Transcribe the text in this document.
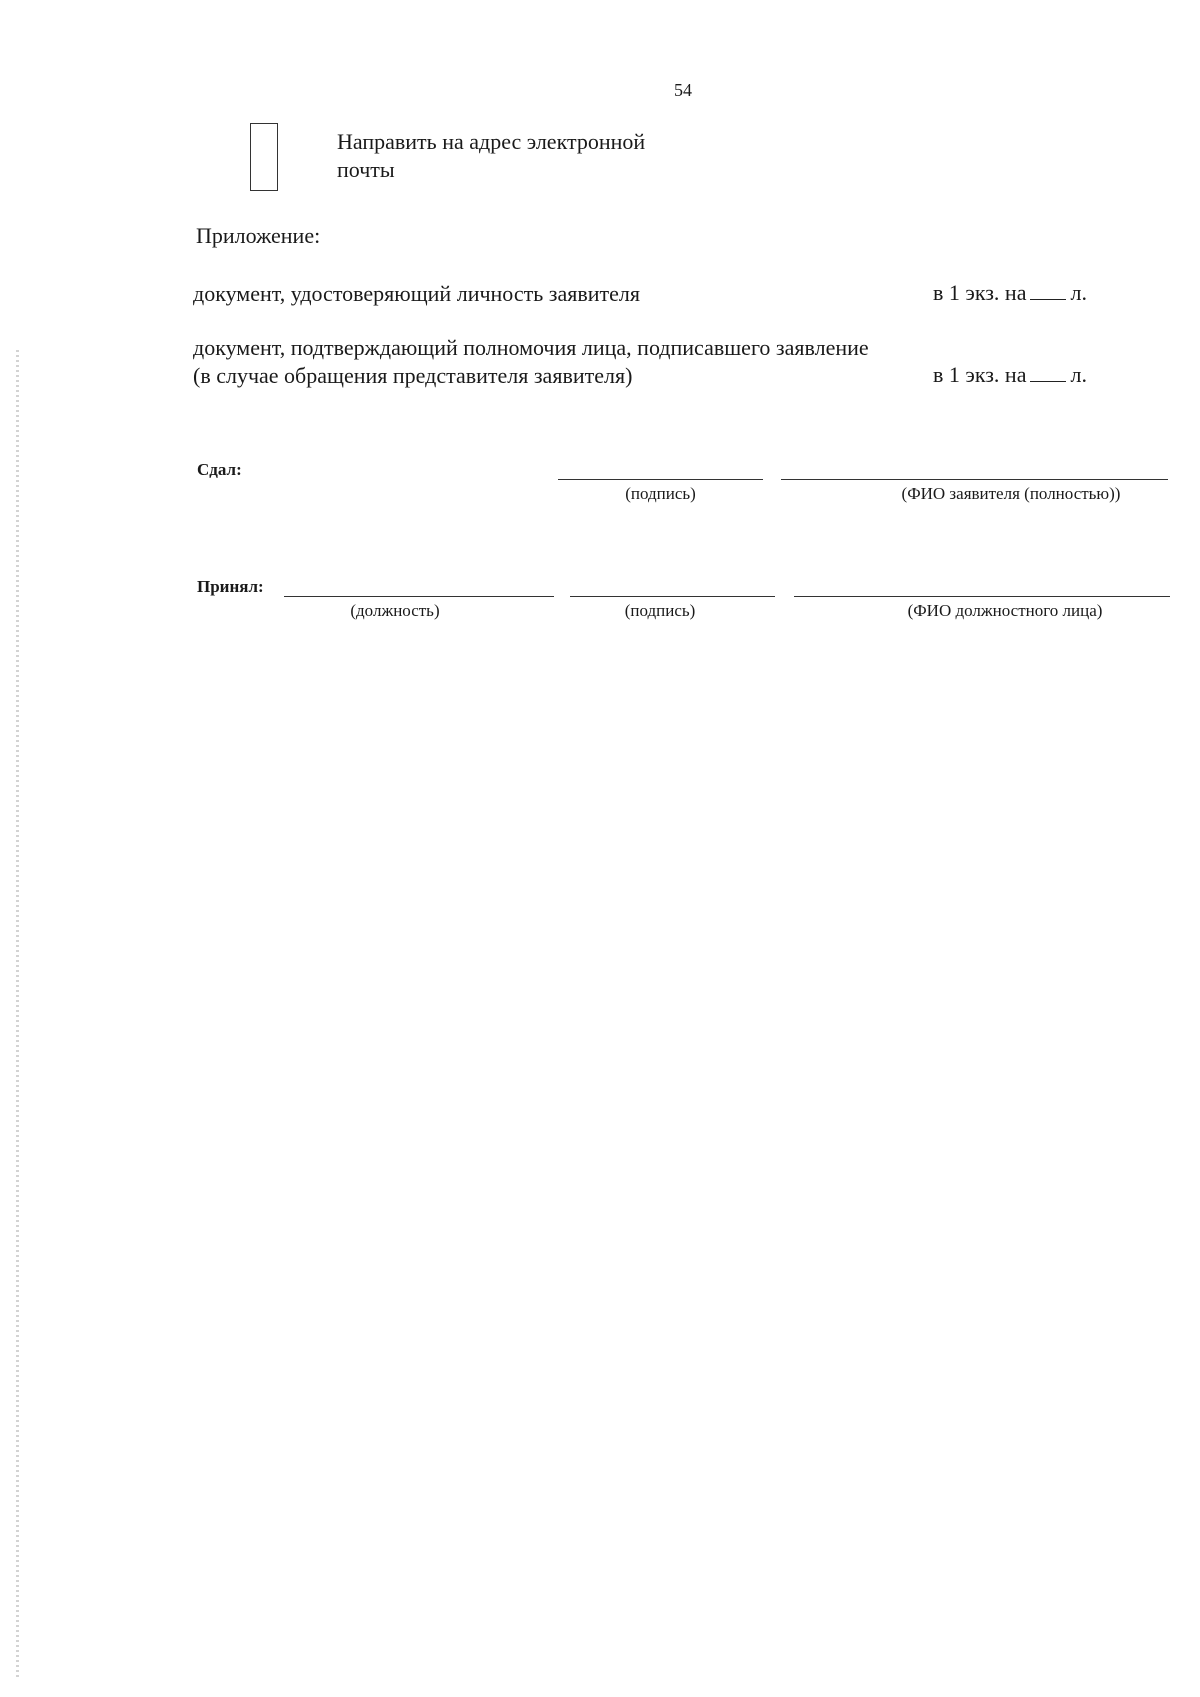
54
Направить на адрес электронной почты
Приложение:
документ, удостоверяющий личность заявителя	в 1 экз. на л.
документ, подтверждающий полномочия лица, подписавшего заявление (в случае обращения представителя заявителя)	в 1 экз. на л.
Сдал:
(подпись)	(ФИО заявителя (полностью))
Принял:
(должность)	(подпись)	(ФИО должностного лица)
